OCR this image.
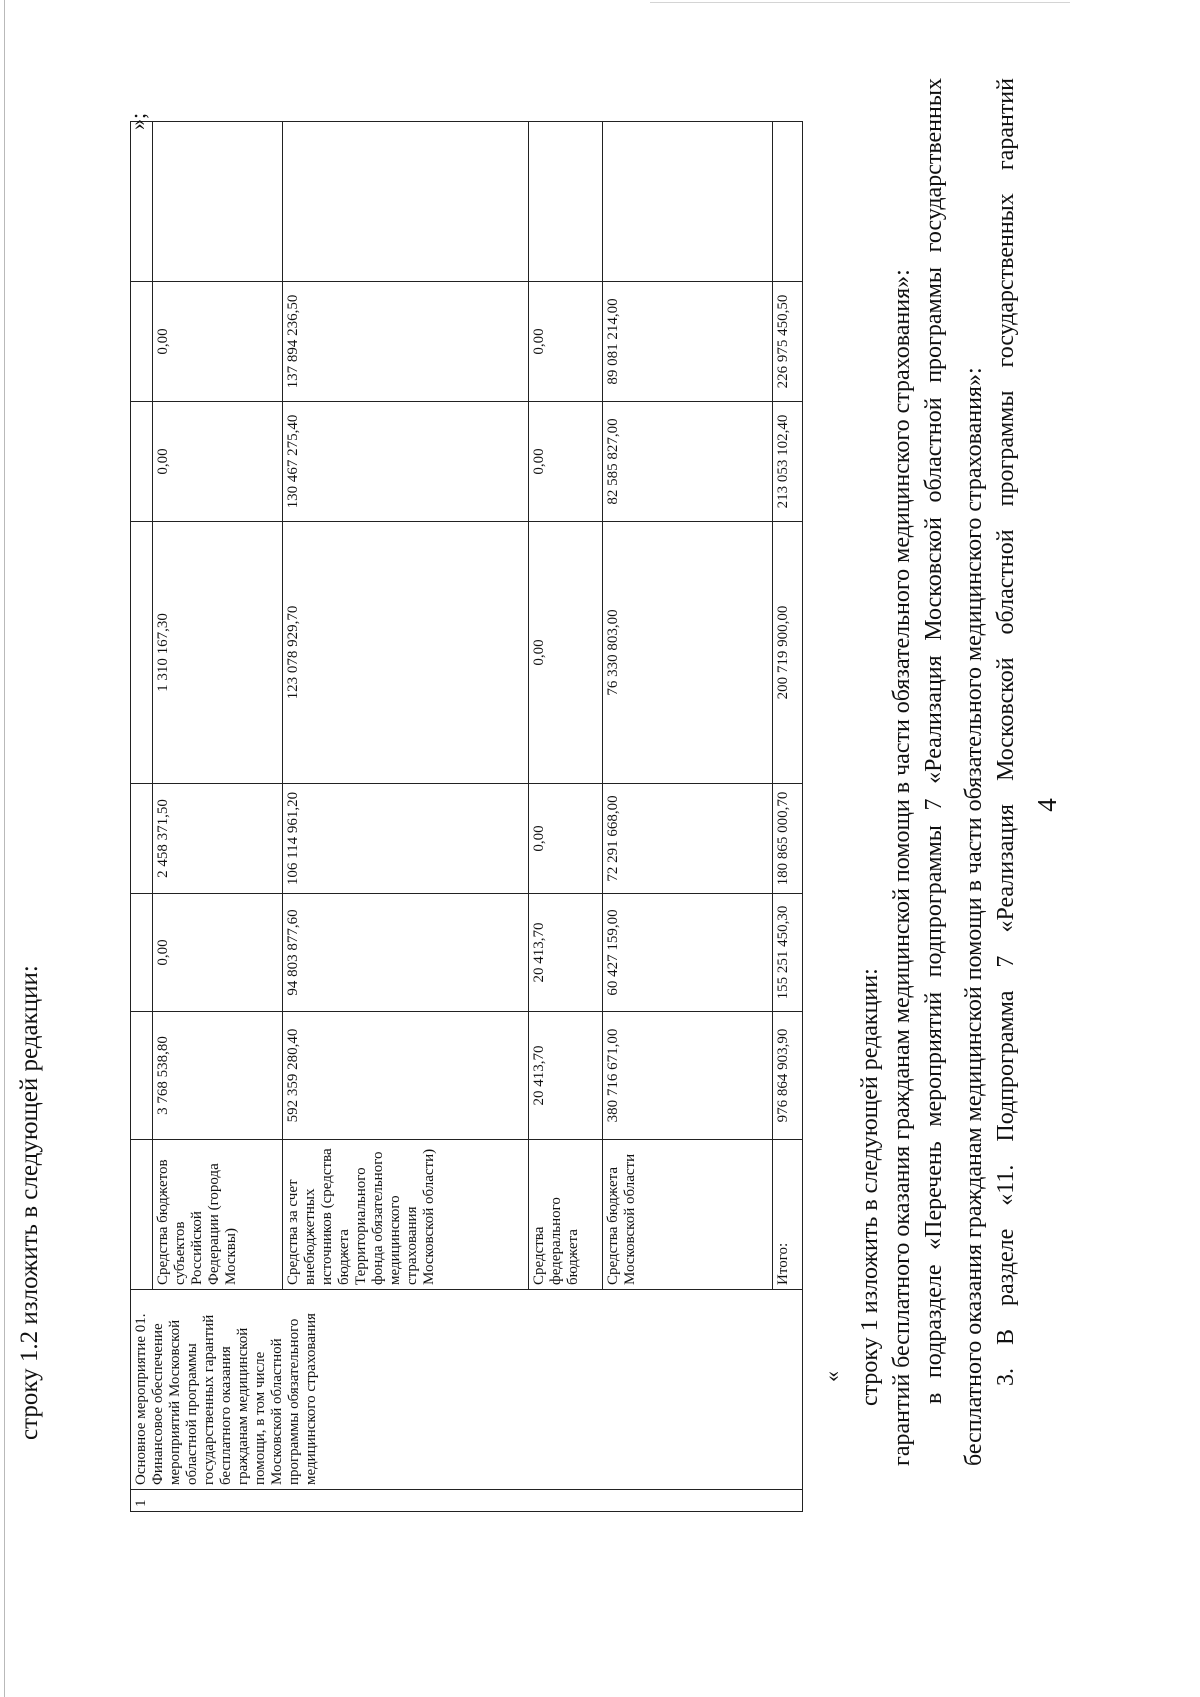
4
3. В разделе «11. Подпрограмма 7 «Реализация Московской областной программы государственных гарантий
бесплатного оказания гражданам медицинской помощи в части обязательного медицинского страхования»:
в подразделе «Перечень мероприятий подпрограммы 7 «Реализация Московской областной программы государственных
гарантий бесплатного оказания гражданам медицинской помощи в части обязательного медицинского страхования»:
строку 1 изложить в следующей редакции:
«
1	Основное мероприятие 01. Финансовое обеспечение мероприятий Московской областной программы государственных гарантий бесплатного оказания гражданам медицинской помощи, в том числе Московской областной программы обязательного медицинского страхования	Итого:	976 864 903,90	155 251 450,30	180 865 000,70	200 719 900,00	213 053 102,40	226 975 450,50	
		Средства бюджета Московской области	380 716 671,00	60 427 159,00	72 291 668,00	76 330 803,00	82 585 827,00	89 081 214,00	
		Средства федерального бюджета	20 413,70	20 413,70	0,00	0,00	0,00	0,00	
		Средства за счет внебюджетных источников (средства бюджета Территориального фонда обязательного медицинского страхования Московской области)	592 359 280,40	94 803 877,60	106 114 961,20	123 078 929,70	130 467 275,40	137 894 236,50	
		Средства бюджетов субъектов Российской Федерации (города Москвы)	3 768 538,80	0,00	2 458 371,50	1 310 167,30	0,00	0,00	

»;
строку 1.2 изложить в следующей редакции:
